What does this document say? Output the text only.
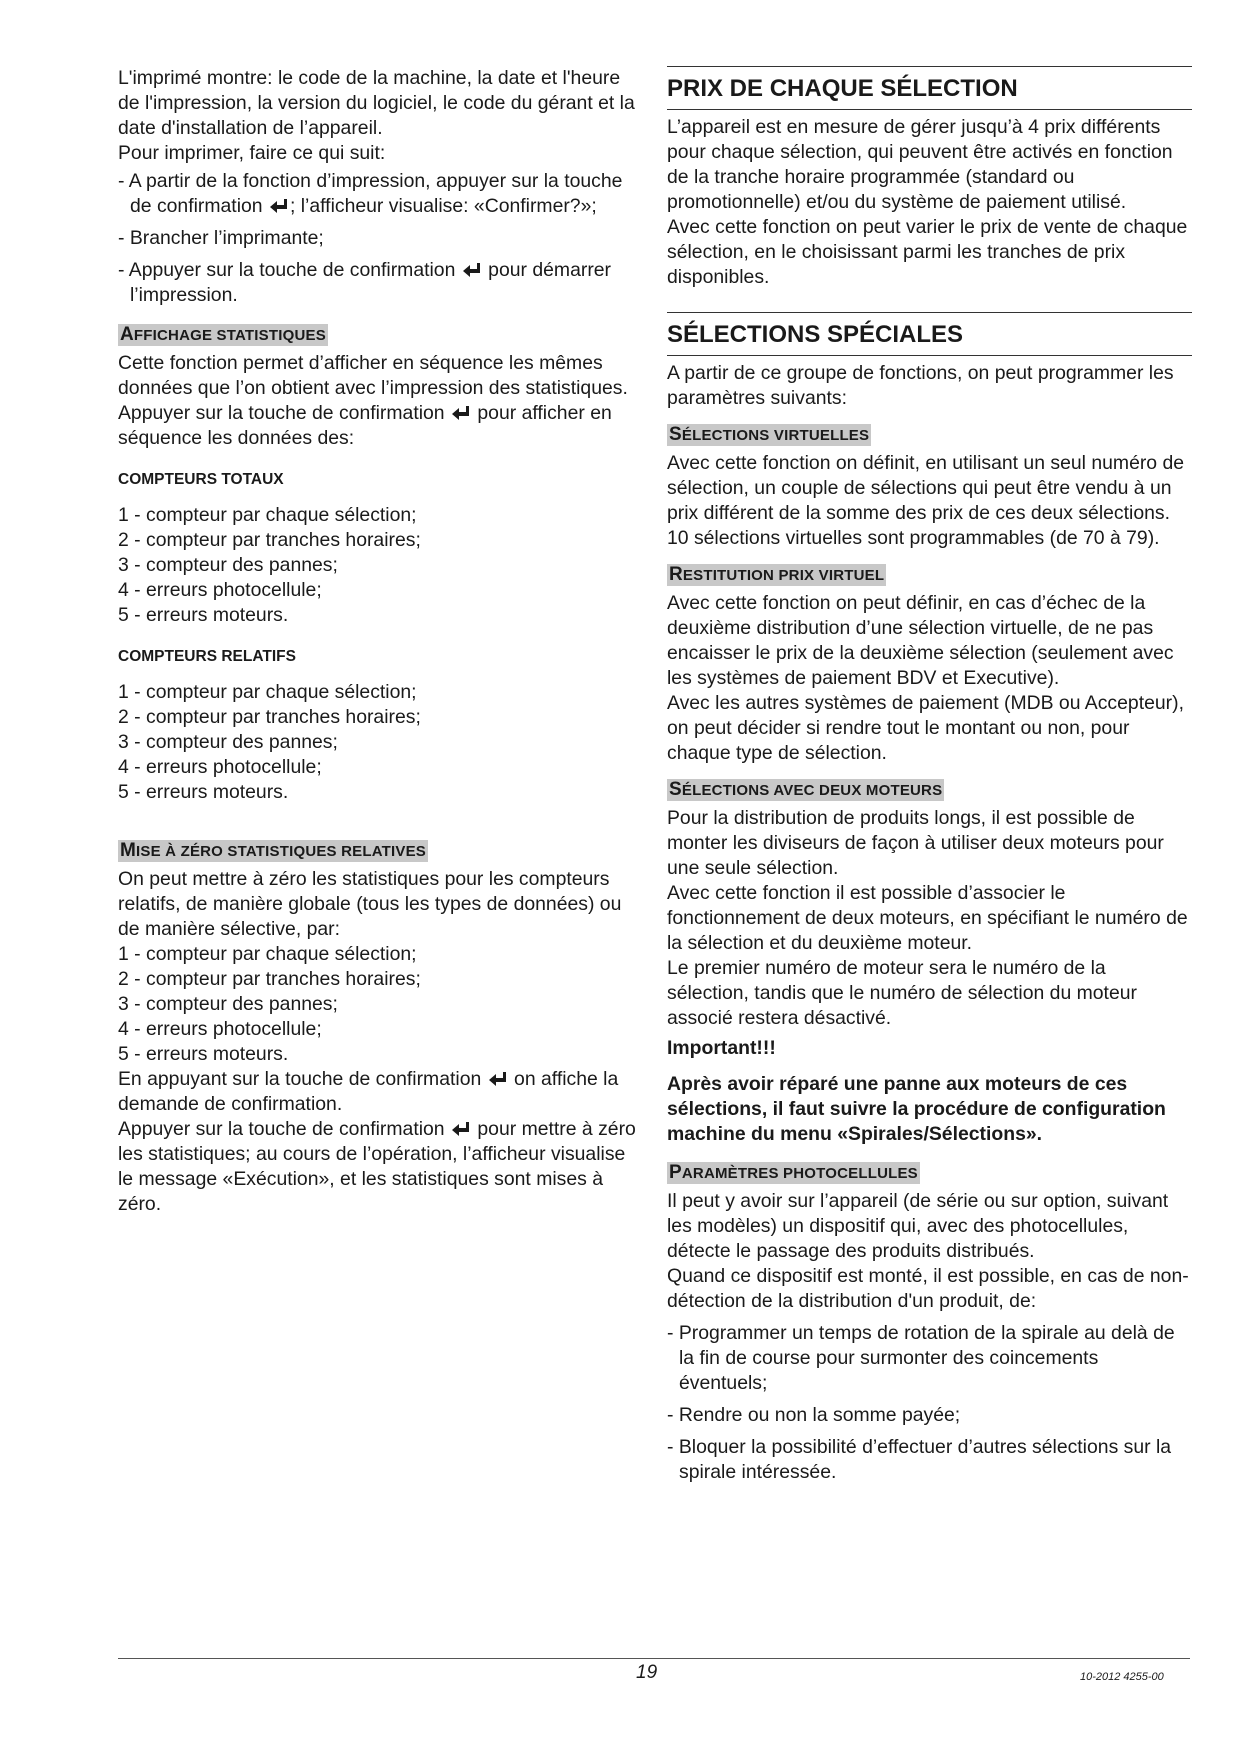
L'imprimé montre: le code de la machine, la date et l'heure de l'impression, la version du logiciel, le code du gérant et la date d'installation de l’appareil.

Pour imprimer, faire ce qui suit:

- A partir de la fonction d’impression, appuyer sur la touche de confirmation ; l’afficheur visualise: «Confirmer?»;

- Brancher l’imprimante;

- Appuyer sur la touche de confirmation pour démarrer l’impression.

AFFICHAGE STATISTIQUES

Cette fonction permet d’afficher en séquence les mêmes données que l’on obtient avec l’impression des statistiques.

Appuyer sur la touche de confirmation pour afficher en séquence les données des:

COMPTEURS TOTAUX

1 - compteur par chaque sélection;

2 - compteur par tranches horaires;

3 - compteur des pannes;

4 - erreurs photocellule;

5 - erreurs moteurs.

COMPTEURS RELATIFS

1 - compteur par chaque sélection;

2 - compteur par tranches horaires;

3 - compteur des pannes;

4 - erreurs photocellule;

5 - erreurs moteurs.

MISE À ZÉRO STATISTIQUES RELATIVES

On peut mettre à zéro les statistiques pour les compteurs relatifs, de manière globale (tous les types de données) ou de manière sélective, par:

1 - compteur par chaque sélection;

2 - compteur par tranches horaires;

3 - compteur des pannes;

4 - erreurs photocellule;

5 - erreurs moteurs.

En appuyant sur la touche de confirmation on affiche la demande de confirmation.

Appuyer sur la touche de confirmation pour mettre à zéro les statistiques; au cours de l’opération, l’afficheur visualise le message «Exécution», et les statistiques sont mises à zéro.

PRIX DE CHAQUE SÉLECTION

L’appareil est en mesure de gérer jusqu’à 4 prix différents pour chaque sélection, qui peuvent être activés en fonction de la tranche horaire programmée (standard ou promotionnelle) et/ou du système de paiement utilisé.

Avec cette fonction on peut varier le prix de vente de chaque sélection, en le choisissant parmi les tranches de prix disponibles.

SÉLECTIONS SPÉCIALES

A partir de ce groupe de fonctions, on peut programmer les paramètres suivants:

SÉLECTIONS VIRTUELLES

Avec cette fonction on définit, en utilisant un seul numéro de sélection, un couple de sélections qui peut être vendu à un prix différent de la somme des prix de ces deux sélections.

10 sélections virtuelles sont programmables (de 70 à 79).

RESTITUTION PRIX VIRTUEL

Avec cette fonction on peut définir, en cas d’échec de la deuxième distribution d’une sélection virtuelle, de ne pas encaisser le prix de la deuxième sélection (seulement avec les systèmes de paiement BDV et Executive).

Avec les autres systèmes de paiement (MDB ou Accepteur), on peut décider si rendre tout le montant ou non, pour chaque type de sélection.

SÉLECTIONS AVEC DEUX MOTEURS

Pour la distribution de produits longs, il est possible de monter les diviseurs de façon à utiliser deux moteurs pour une seule sélection.

Avec cette fonction il est possible d’associer le fonctionnement de deux moteurs, en spécifiant le numéro de la sélection et du deuxième moteur.

Le premier numéro de moteur sera le numéro de la sélection, tandis que le numéro de sélection du moteur associé restera désactivé.

Important!!!

Après avoir réparé une panne aux moteurs de ces sélections, il faut suivre la procédure de configuration machine du menu «Spirales/Sélections».

PARAMÈTRES PHOTOCELLULES

Il peut y avoir sur l’appareil (de série ou sur option, suivant les modèles) un dispositif qui, avec des photocellules, détecte le passage des produits distribués.

Quand ce dispositif est monté, il est possible, en cas de non-détection de la distribution d'un produit, de:

- Programmer un temps de rotation de la spirale au delà de la fin de course pour surmonter des coincements éventuels;

- Rendre ou non la somme payée;

- Bloquer la possibilité d’effectuer d’autres sélections sur la spirale intéressée.

19	10-2012 4255-00
